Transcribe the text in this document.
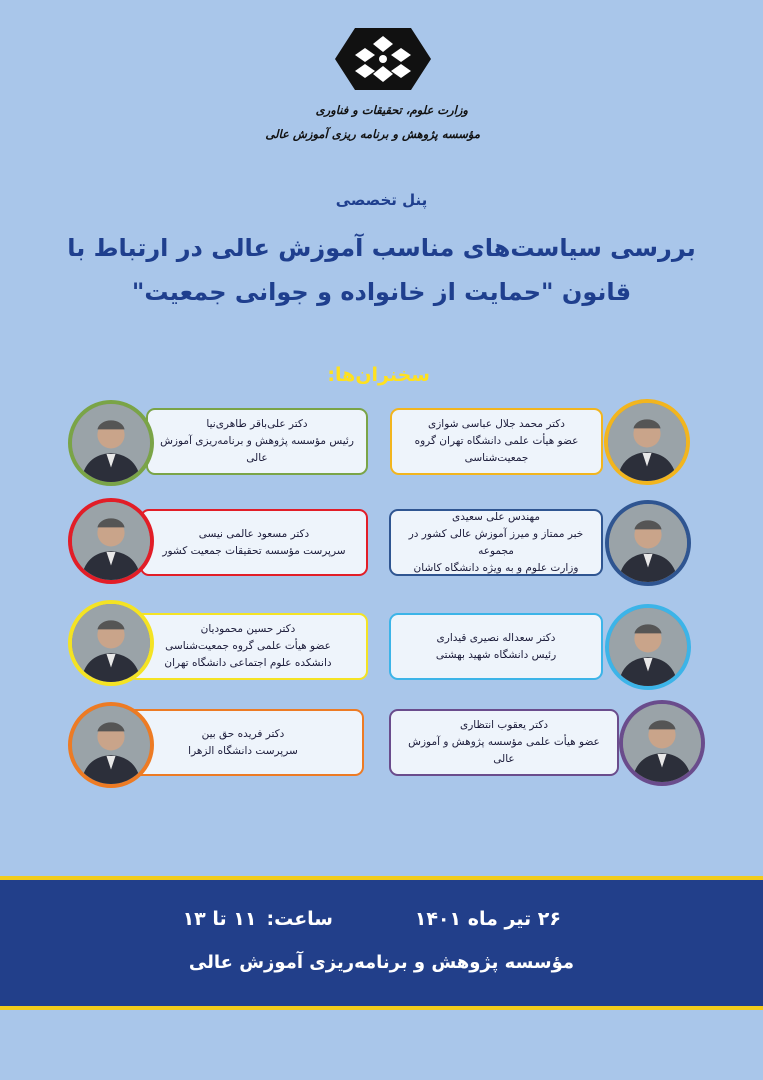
وزارت علوم، تحقیقات و فناوری
مؤسسه پژوهش و برنامه ریزی آموزش عالی
پنل تخصصی
بررسی سیاست‌های مناسب آموزش عالی در ارتباط با
قانون "حمایت از خانواده و جوانی جمعیت"
سخنران‌ها:
دکتر محمد جلال عباسی شوازی
عضو هیأت علمی دانشگاه تهران گروه
جمعیت‌شناسی
دکتر علی‌باقر طاهری‌نیا
رئیس مؤسسه پژوهش و برنامه‌ریزی آموزش عالی
مهندس علی سعیدی
خبر ممتاز و میرز آموزش عالی کشور در مجموعه
وزارت علوم و به ویژه دانشگاه کاشان
دکتر مسعود عالمی نیسی
سرپرست مؤسسه تحقیقات جمعیت کشور
دکتر سعداله نصیری قیداری
رئیس دانشگاه شهید بهشتی
دکتر حسین محمودیان
عضو هیأت علمی گروه جمعیت‌شناسی
دانشکده علوم اجتماعی دانشگاه تهران
دکتر یعقوب انتظاری
عضو هیأت علمی مؤسسه پژوهش و آموزش عالی
دکتر فریده حق بین
سرپرست دانشگاه الزهرا
۲۶ تیر ماه ۱۴۰۱
ساعت:۱۱ تا ۱۳
مؤسسه پژوهش و برنامه‌ریزی آموزش عالی
